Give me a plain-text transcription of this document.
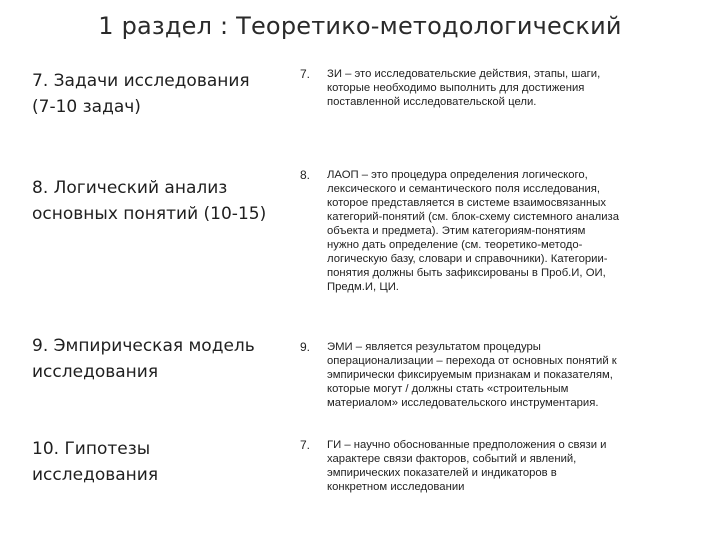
1 раздел : Теоретико-методологический
7. Задачи исследования
(7-10 задач)
7.	ЗИ – это исследовательские действия, этапы, шаги,
которые необходимо выполнить для достижения
поставленной исследовательской цели.
8. Логический анализ
основных понятий (10-15)
8.	ЛАОП – это процедура определения логического,
лексического и семантического поля исследования,
которое представляется в системе взаимосвязанных
категорий-понятий (см. блок-схему системного анализа
объекта и предмета). Этим категориям-понятиям
нужно дать определение (см. теоретико-методо-
логическую базу, словари и справочники). Категории-
понятия должны быть зафиксированы в Проб.И, ОИ,
Предм.И, ЦИ.
9. Эмпирическая модель
исследования
9.	ЭМИ – является результатом процедуры
операционализации – перехода от основных понятий к
эмпирически фиксируемым признакам и показателям,
которые могут / должны стать «строительным
материалом» исследовательского инструментария.
10. Гипотезы
исследования
7.	ГИ – научно обоснованные предположения о связи и
характере связи факторов, событий и явлений,
эмпирических показателей и индикаторов в
конкретном исследовании
